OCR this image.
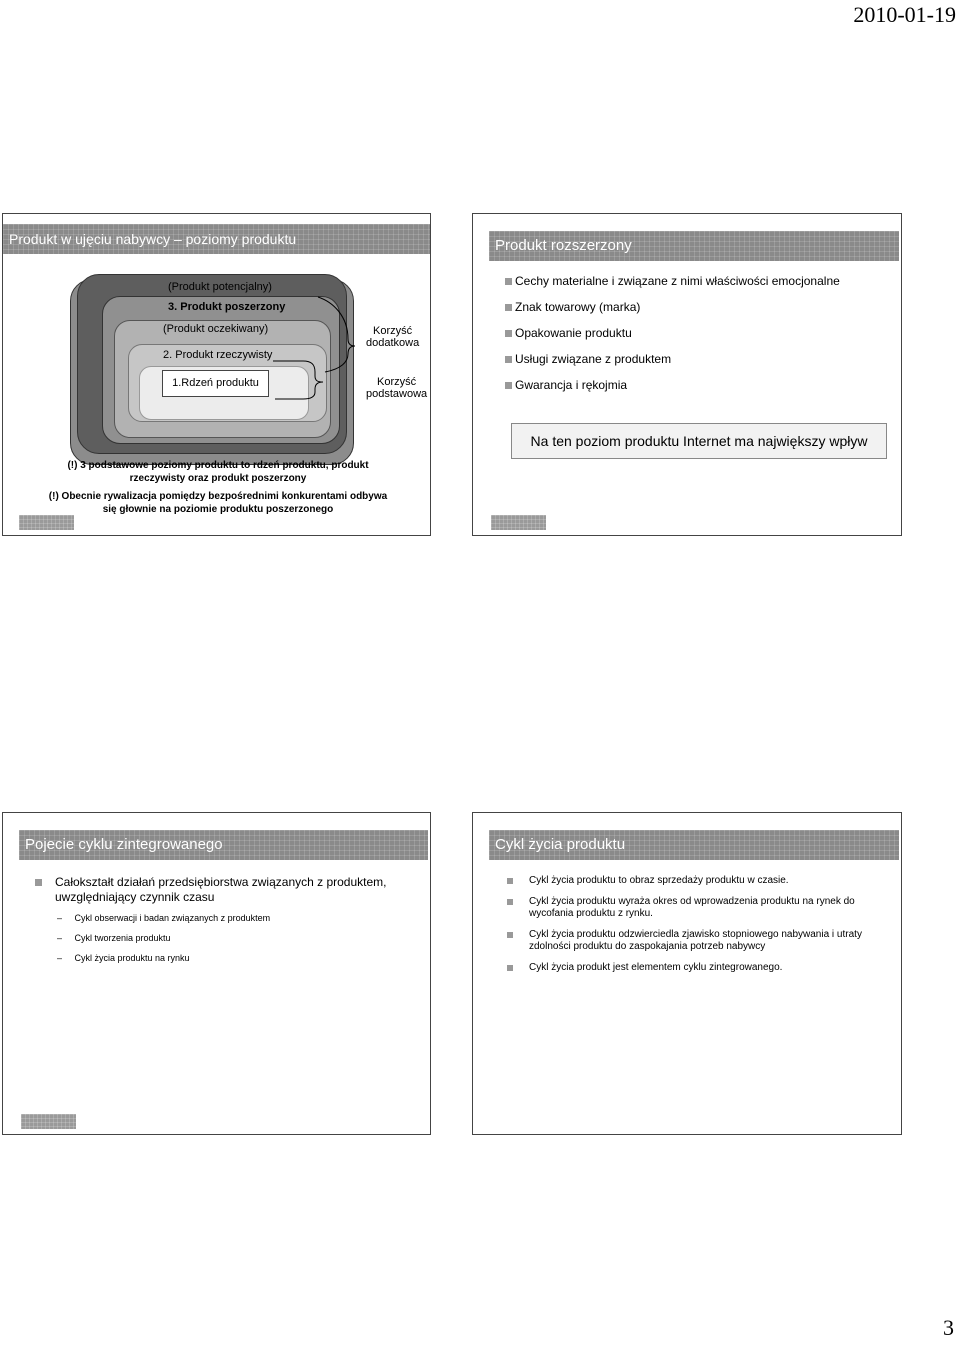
2010-01-19
Produkt w ujęciu nabywcy – poziomy produktu
(Produkt potencjalny)
3. Produkt poszerzony
(Produkt oczekiwany)
2. Produkt rzeczywisty
1.Rdzeń produktu
Korzyść
dodatkowa
Korzyść
podstawowa
(!) 3 podstawowe poziomy produktu to rdzeń produktu, produkt
rzeczywisty oraz produkt poszerzony
(!) Obecnie rywalizacja pomiędzy bezpośrednimi konkurentami odbywa
się głownie na poziomie produktu poszerzonego
Produkt rozszerzony
Cechy materialne i związane z nimi właściwości emocjonalne
Znak towarowy (marka)
Opakowanie produktu
Usługi związane z produktem
Gwarancja i rękojmia
Na ten poziom produktu Internet ma największy wpływ
Pojecie cyklu zintegrowanego
Całokształt działań przedsiębiorstwa związanych z produktem,
uwzględniający czynnik czasu
–     Cykl obserwacji i badan związanych z produktem
–     Cykl tworzenia produktu
–     Cykl życia produktu na rynku
Cykl życia produktu
Cykl życia produktu to obraz sprzedaży produktu w czasie.
Cykl życia produktu wyraża okres od wprowadzenia produktu na rynek do
wycofania produktu z rynku.
Cykl życia produktu odzwierciedla zjawisko stopniowego nabywania i utraty
zdolności produktu do zaspokajania potrzeb nabywcy
Cykl życia produkt jest elementem cyklu zintegrowanego.
3
